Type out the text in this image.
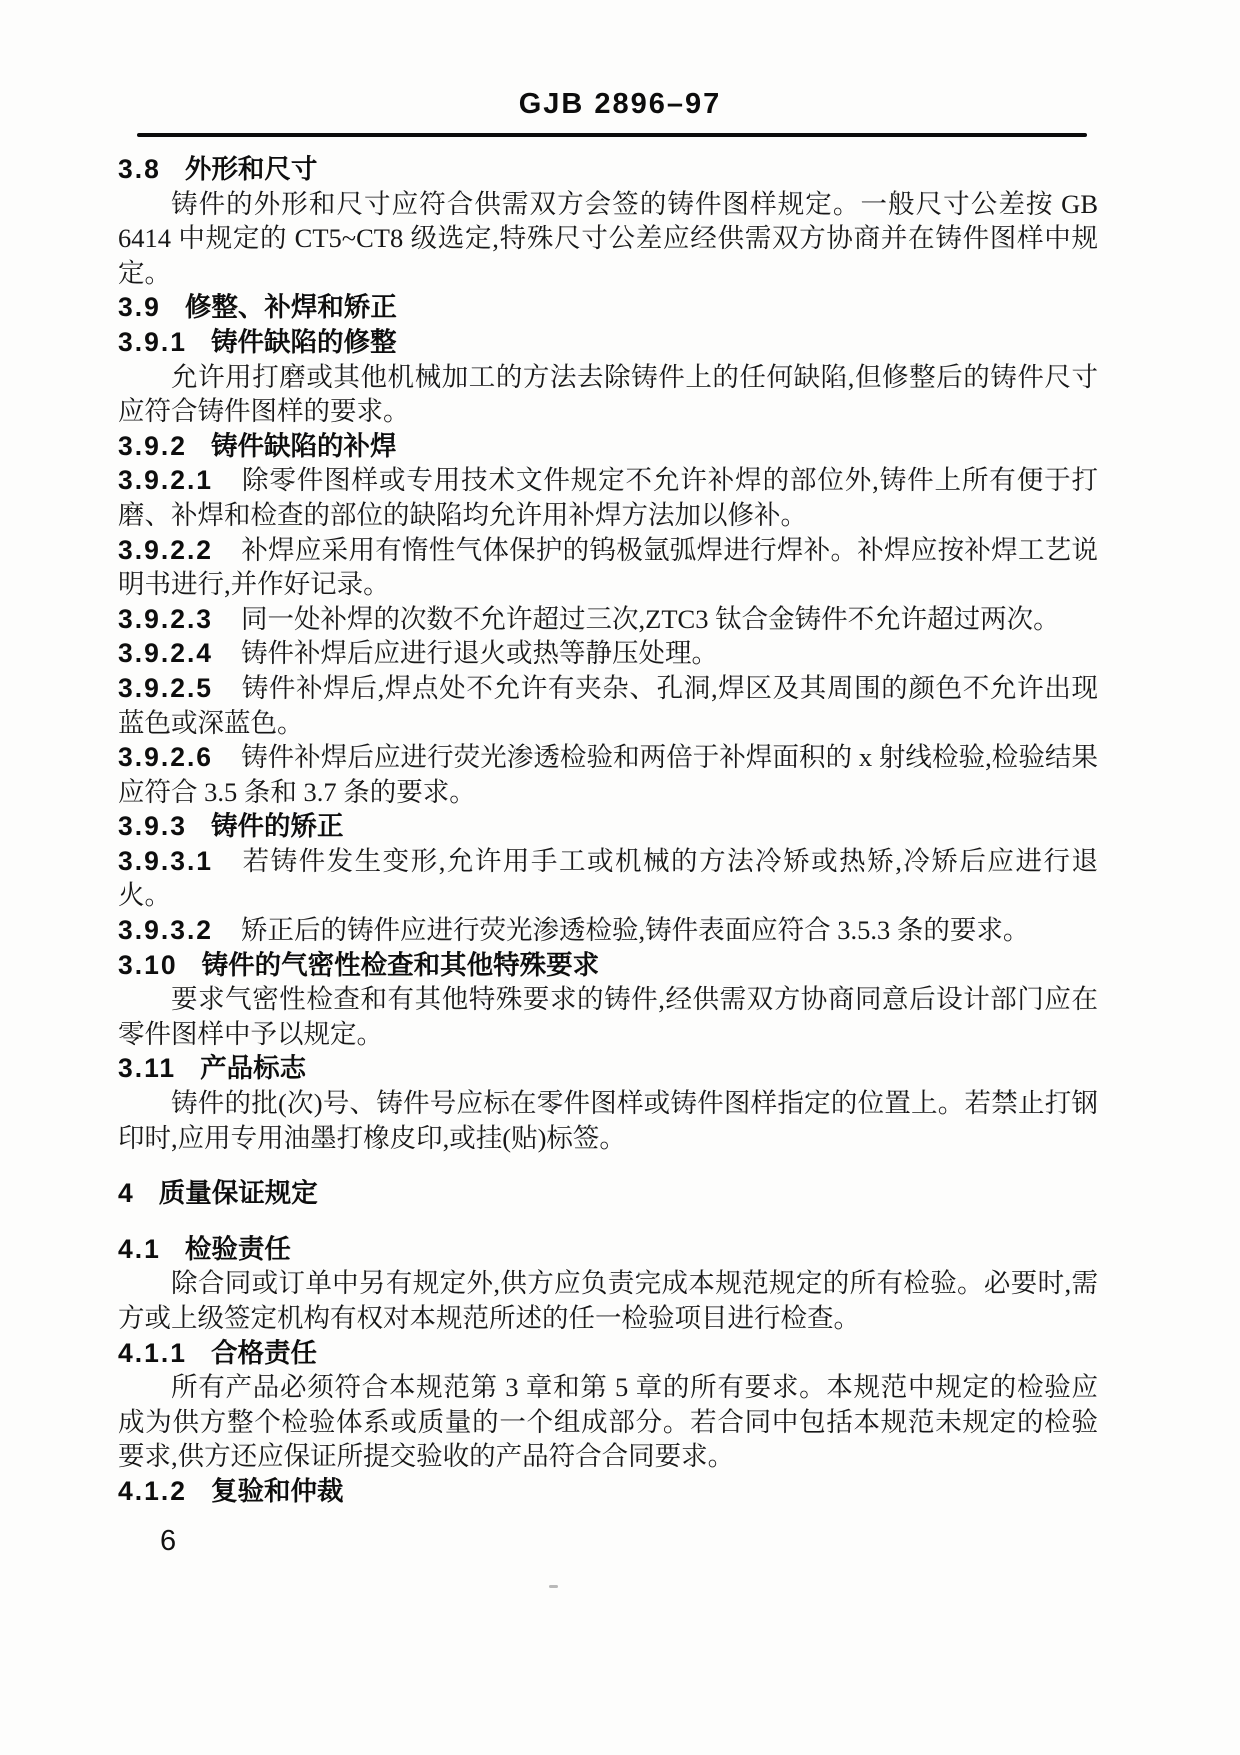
GJB 2896–97
3.8 外形和尺寸

铸件的外形和尺寸应符合供需双方会签的铸件图样规定。一般尺寸公差按 GB 6414 中规定的 CT5~CT8 级选定,特殊尺寸公差应经供需双方协商并在铸件图样中规定。

3.9 修整、补焊和矫正
3.9.1 铸件缺陷的修整

允许用打磨或其他机械加工的方法去除铸件上的任何缺陷,但修整后的铸件尺寸应符合铸件图样的要求。

3.9.2 铸件缺陷的补焊

3.9.2.1 除零件图样或专用技术文件规定不允许补焊的部位外,铸件上所有便于打磨、补焊和检查的部位的缺陷均允许用补焊方法加以修补。

3.9.2.2 补焊应采用有惰性气体保护的钨极氩弧焊进行焊补。补焊应按补焊工艺说明书进行,并作好记录。

3.9.2.3 同一处补焊的次数不允许超过三次,ZTC3 钛合金铸件不允许超过两次。

3.9.2.4 铸件补焊后应进行退火或热等静压处理。

3.9.2.5 铸件补焊后,焊点处不允许有夹杂、孔洞,焊区及其周围的颜色不允许出现蓝色或深蓝色。

3.9.2.6 铸件补焊后应进行荧光渗透检验和两倍于补焊面积的 x 射线检验,检验结果应符合 3.5 条和 3.7 条的要求。

3.9.3 铸件的矫正

3.9.3.1 若铸件发生变形,允许用手工或机械的方法冷矫或热矫,冷矫后应进行退火。

3.9.3.2 矫正后的铸件应进行荧光渗透检验,铸件表面应符合 3.5.3 条的要求。

3.10 铸件的气密性检查和其他特殊要求

要求气密性检查和有其他特殊要求的铸件,经供需双方协商同意后设计部门应在零件图样中予以规定。

3.11 产品标志

铸件的批(次)号、铸件号应标在零件图样或铸件图样指定的位置上。若禁止打钢印时,应用专用油墨打橡皮印,或挂(贴)标签。

4 质量保证规定
4.1 检验责任

除合同或订单中另有规定外,供方应负责完成本规范规定的所有检验。必要时,需方或上级签定机构有权对本规范所述的任一检验项目进行检查。

4.1.1 合格责任

所有产品必须符合本规范第 3 章和第 5 章的所有要求。本规范中规定的检验应成为供方整个检验体系或质量的一个组成部分。若合同中包括本规范未规定的检验要求,供方还应保证所提交验收的产品符合合同要求。

4.1.2 复验和仲裁
6
